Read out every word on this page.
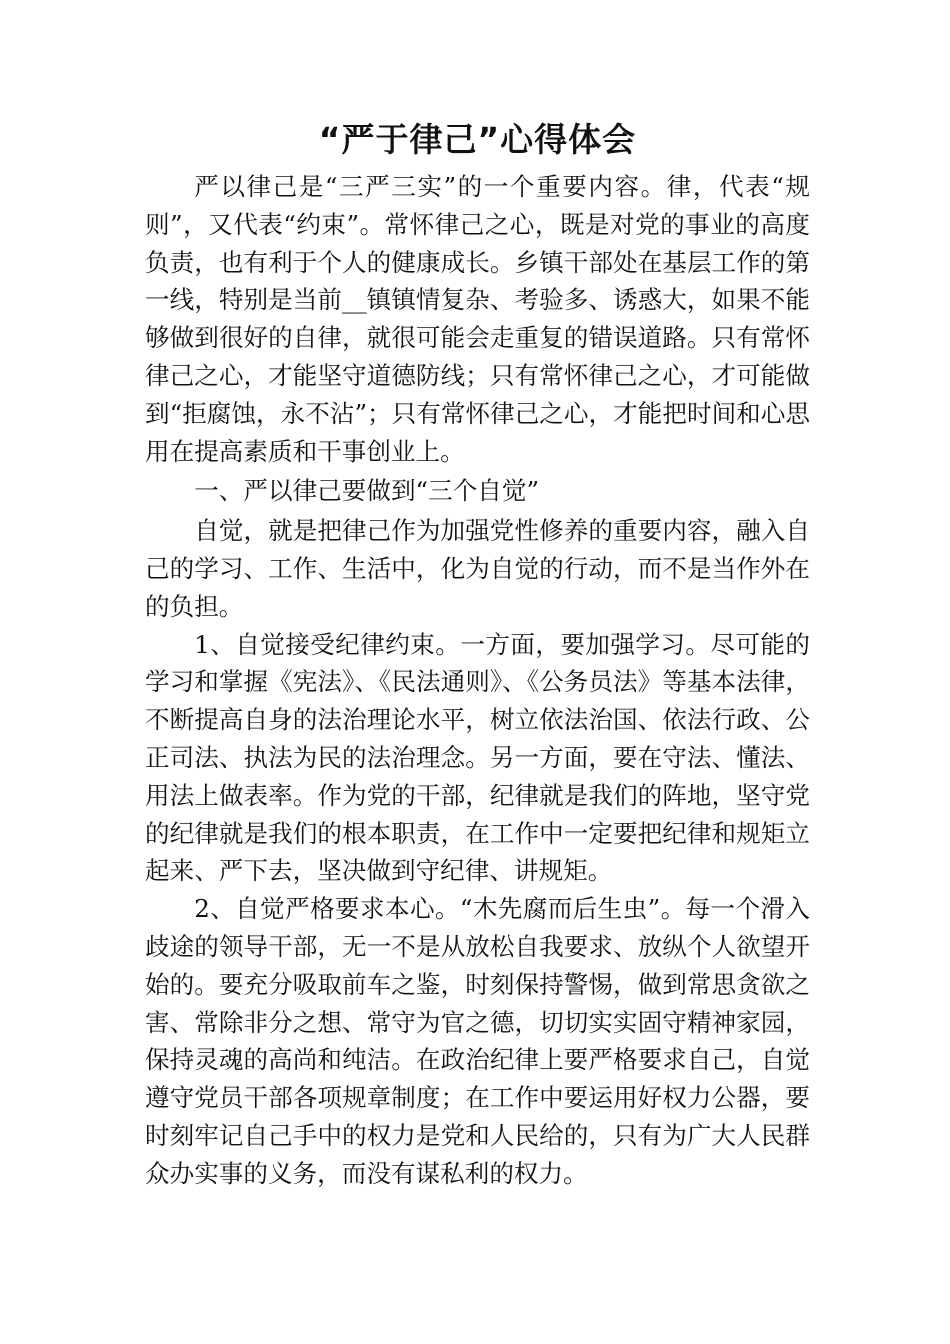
“严于律己”心得体会

严以律己是“三严三实”的一个重要内容。律，代表“规则”，又代表“约束”。常怀律己之心，既是对党的事业的高度负责，也有利于个人的健康成长。乡镇干部处在基层工作的第一线，特别是当前__镇镇情复杂、考验多、诱惑大，如果不能够做到很好的自律，就很可能会走重复的错误道路。只有常怀律己之心，才能坚守道德防线；只有常怀律己之心，才可能做到“拒腐蚀，永不沾”；只有常怀律己之心，才能把时间和心思用在提高素质和干事创业上。

一、严以律己要做到“三个自觉”

自觉，就是把律己作为加强党性修养的重要内容，融入自己的学习、工作、生活中，化为自觉的行动，而不是当作外在的负担。

1、自觉接受纪律约束。一方面，要加强学习。尽可能的学习和掌握《宪法》、《民法通则》、《公务员法》等基本法律，不断提高自身的法治理论水平，树立依法治国、依法行政、公正司法、执法为民的法治理念。另一方面，要在守法、懂法、用法上做表率。作为党的干部，纪律就是我们的阵地，坚守党的纪律就是我们的根本职责，在工作中一定要把纪律和规矩立起来、严下去，坚决做到守纪律、讲规矩。

2、自觉严格要求本心。“木先腐而后生虫”。每一个滑入歧途的领导干部，无一不是从放松自我要求、放纵个人欲望开始的。要充分吸取前车之鉴，时刻保持警惕，做到常思贪欲之害、常除非分之想、常守为官之德，切切实实固守精神家园，保持灵魂的高尚和纯洁。在政治纪律上要严格要求自己，自觉遵守党员干部各项规章制度；在工作中要运用好权力公器，要时刻牢记自己手中的权力是党和人民给的，只有为广大人民群众办实事的义务，而没有谋私利的权力。
